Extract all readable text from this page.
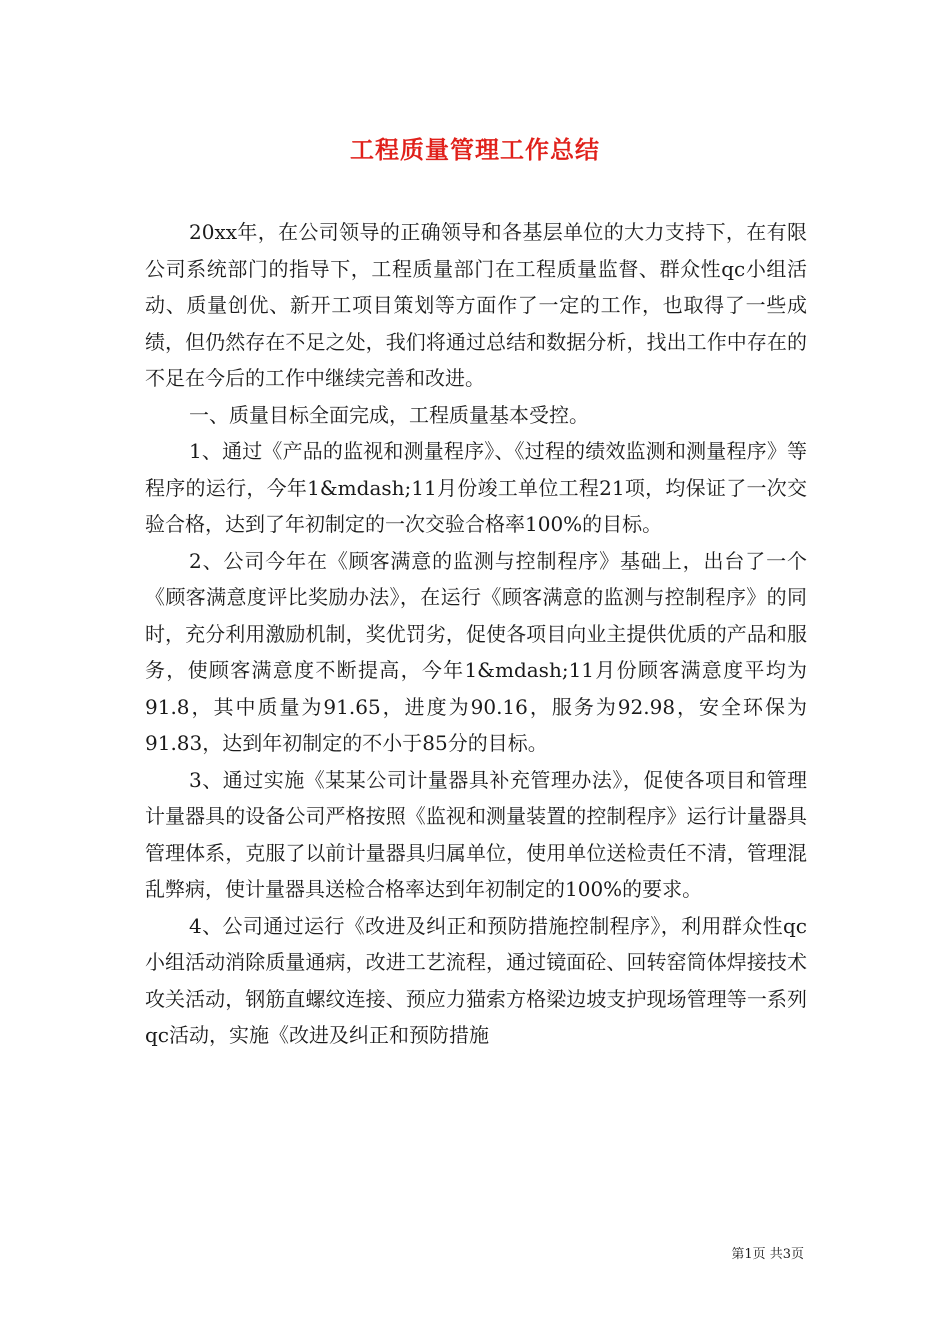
工程质量管理工作总结

20xx年，在公司领导的正确领导和各基层单位的大力支持下，在有限公司系统部门的指导下，工程质量部门在工程质量监督、群众性qc小组活动、质量创优、新开工项目策划等方面作了一定的工作，也取得了一些成绩，但仍然存在不足之处，我们将通过总结和数据分析，找出工作中存在的不足在今后的工作中继续完善和改进。

一、质量目标全面完成，工程质量基本受控。

1、通过《产品的监视和测量程序》、《过程的绩效监测和测量程序》等程序的运行，今年1&mdash;11月份竣工单位工程21项，均保证了一次交验合格，达到了年初制定的一次交验合格率100%的目标。

2、公司今年在《顾客满意的监测与控制程序》基础上，出台了一个《顾客满意度评比奖励办法》，在运行《顾客满意的监测与控制程序》的同时，充分利用激励机制，奖优罚劣，促使各项目向业主提供优质的产品和服务，使顾客满意度不断提高，今年1&mdash;11月份顾客满意度平均为91.8，其中质量为91.65，进度为90.16，服务为92.98，安全环保为91.83，达到年初制定的不小于85分的目标。

3、通过实施《某某公司计量器具补充管理办法》，促使各项目和管理计量器具的设备公司严格按照《监视和测量装置的控制程序》运行计量器具管理体系，克服了以前计量器具归属单位，使用单位送检责任不清，管理混乱弊病，使计量器具送检合格率达到年初制定的100%的要求。

4、公司通过运行《改进及纠正和预防措施控制程序》，利用群众性qc小组活动消除质量通病，改进工艺流程，通过镜面砼、回转窑筒体焊接技术攻关活动，钢筋直螺纹连接、预应力猫索方格梁边坡支护现场管理等一系列qc活动，实施《改进及纠正和预防措施

第1页 共3页
